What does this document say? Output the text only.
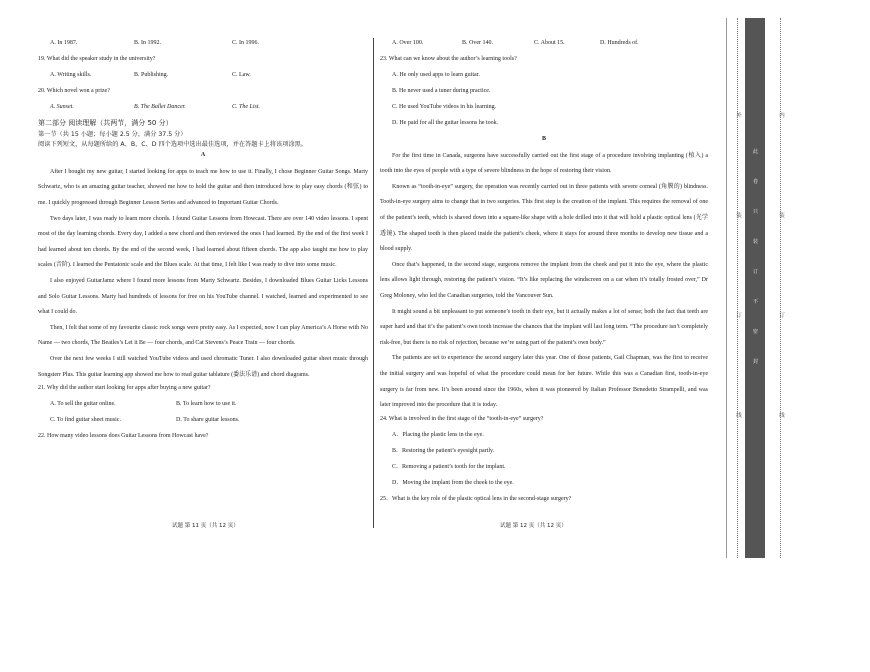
A. In 1987.	B. In 1992.	C. In 1996.
19. What did the speaker study in the university?
A. Writing skills.	B. Publishing.	C. Law.
20. Which novel won a prize?
A. Sunset.	B. The Ballet Dancer.	C. The List.
第二部分 阅读理解（共两节，满分 50 分）
第一节（共 15 小题；每小题 2.5 分，满分 37.5 分）
阅读下列短文，从每题所给的 A、B、C、D 四个选项中选出最佳选项，并在答题卡上将该项涂黑。
A

After I bought my new guitar, I started looking for apps to teach me how to use it. Finally, I chose Beginner Guitar Songs. Marty Schwartz, who is an amazing guitar teacher, showed me how to hold the guitar and then introduced how to play easy chords (和弦) to me. I quickly progressed through Beginner Lesson Series and advanced to Important Guitar Chords.

Two days later, I was ready to learn more chords. I found Guitar Lessons from Howcast. There are over 140 video lessons. I spent most of the day learning chords. Every day, I added a new chord and then reviewed the ones I had learned. By the end of the first week I had learned about ten chords. By the end of the second week, I had learned about fifteen chords. The app also taught me how to play scales (音阶). I learned the Pentatonic scale and the Blues scale. At that time, I felt like I was ready to dive into some music.

I also enjoyed GuitarJamz where I found more lessons from Marty Schwartz. Besides, I downloaded Blues Guitar Licks Lessons and Solo Guitar Lessons. Marty had hundreds of lessons for free on his YouTube channel. I watched, learned and experimented to see what I could do.

Then, I felt that some of my favourite classic rock songs were pretty easy. As I expected, now I can play America’s A Horse with No Name — two chords, The Beatles’s Let it Be — four chords, and Cat Stevens’s Peace Train — four chords.

Over the next few weeks I still watched YouTube videos and used chromatic Tuner. I also downloaded guitar sheet music through Songsterr Plus. This guitar learning app showed me how to read guitar tablature (委法乐谱) and chord diagrams.

21. Why did the author start looking for apps after buying a new guitar?
A. To sell the guitar online.	B. To learn how to use it.
C. To find guitar sheet music.	D. To share guitar lessons.
22. How many video lessons does Guitar Lessons from Howcast have?
试题 第 11 页（共 12 页）
A. Over 100.	B. Over 140.	C. About 15.	D. Hundreds of.
23. What can we know about the author’s learning tools?
A. He only used apps to learn guitar.
B. He never used a tuner during practice.
C. He used YouTube videos in his learning.
D. He paid for all the guitar lessons he took.
B

For the first time in Canada, surgeons have successfully carried out the first stage of a procedure involving implanting (植入) a tooth into the eyes of people with a type of severe blindness in the hope of restoring their vision.

Known as “tooth-in-eye” surgery, the operation was recently carried out in three patients with severe corneal (角膜的) blindness. Tooth-in-eye surgery aims to change that in two surgeries. This first step is the creation of the implant. This requires the removal of one of the patient’s teeth, which is shaved down into a square-like shape with a hole drilled into it that will hold a plastic optical lens (光学透镜). The shaped tooth is then placed inside the patient’s cheek, where it stays for around three months to develop new tissue and a blood supply.

Once that’s happened, in the second stage, surgeons remove the implant from the cheek and put it into the eye, where the plastic lens allows light through, restoring the patient’s vision. “It’s like replacing the windscreen on a car when it’s totally frosted over,” Dr Greg Moloney, who led the Canadian surgeries, told the Vancouver Sun.

It might sound a bit unpleasant to put someone’s tooth in their eye, but it actually makes a lot of sense; both the fact that teeth are super hard and that it’s the patient’s own tooth increase the chances that the implant will last long term. “The procedure isn’t completely risk-free, but there is no risk of rejection, because we’re using part of the patient’s own body.”

The patients are set to experience the second surgery later this year. One of those patients, Gail Chapman, was the first to receive the initial surgery and was hopeful of what the procedure could mean for her future. While this was a Canadian first, tooth-in-eye surgery is far from new. It’s been around since the 1960s, when it was pioneered by Italian Professor Benedetto Strampelli, and was later improved into the procedure that it is today.

24. What is involved in the first stage of the “tooth-in-eye” surgery?
A．Placing the plastic lens in the eye.
B．Restoring the patient’s eyesight partly.
C．Removing a patient’s tooth for the implant.
D．Moving the implant from the cheek to the eye.
25．What is the key role of the plastic optical lens in the second-stage surgery?
试题 第 12 页（共 12 页）
外
装
订
线
内
装
订
线
此
卷
只
装
订
不
密
封
